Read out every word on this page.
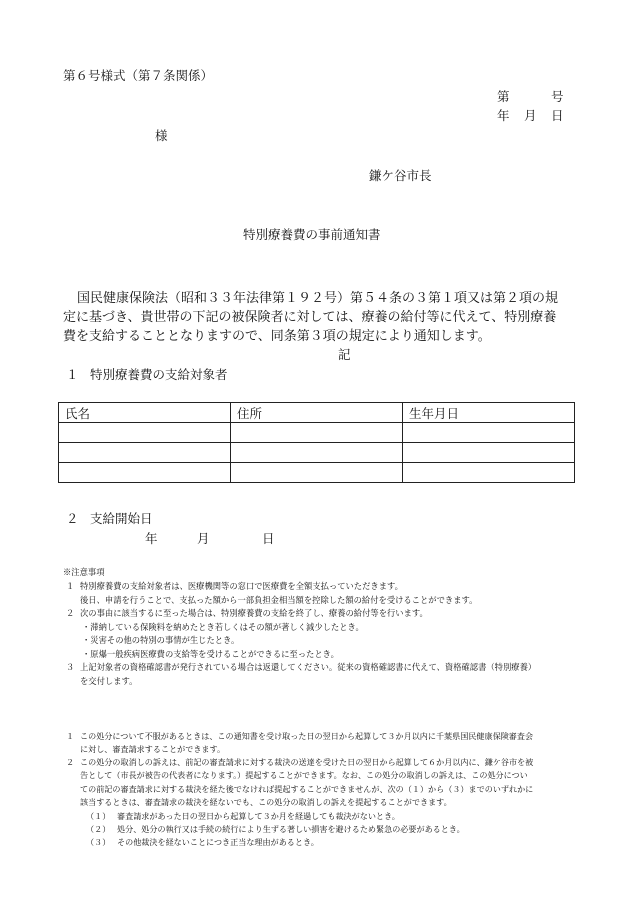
第６号様式（第７条関係）
第	号
年 月 日
様
鎌ケ谷市長
特別療養費の事前通知書
国民健康保険法（昭和３３年法律第１９２号）第５４条の３第１項又は第２項の規
定に基づき、貴世帯の下記の被保険者に対しては、療養の給付等に代えて、特別療養
費を支給することとなりますので、同条第３項の規定により通知します。
記
１ 特別療養費の支給対象者
氏名	住所	生年月日

２ 支給開始日
年	月	日
※注意事項
１ 特別療養費の支給対象者は、医療機関等の窓口で医療費を全額支払っていただきます。
後日、申請を行うことで、支払った額から一部負担金相当額を控除した額の給付を受けることができます。
２ 次の事由に該当するに至った場合は、特別療養費の支給を終了し、療養の給付等を行います。
・滞納している保険料を納めたとき若しくはその額が著しく減少したとき。
・災害その他の特別の事情が生じたとき。
・原爆一般疾病医療費の支給等を受けることができるに至ったとき。
３ 上記対象者の資格確認書が発行されている場合は返還してください。従来の資格確認書に代えて、資格確認書（特別療養）
を交付します。
１ この処分について不服があるときは、この通知書を受け取った日の翌日から起算して３か月以内に千葉県国民健康保険審査会
に対し、審査請求することができます。
２ この処分の取消しの訴えは、前記の審査請求に対する裁決の送達を受けた日の翌日から起算して６か月以内に、鎌ケ谷市を被
告として（市長が被告の代表者になります。）提起することができます。なお、この処分の取消しの訴えは、この処分につい
ての前記の審査請求に対する裁決を経た後でなければ提起することができませんが、次の（１）から（３）までのいずれかに
該当するときは、審査請求の裁決を経ないでも、この処分の取消しの訴えを提起することができます。
（１） 審査請求があった日の翌日から起算して３か月を経過しても裁決がないとき。
（２） 処分、処分の執行又は手続の続行により生ずる著しい損害を避けるため緊急の必要があるとき。
（３） その他裁決を経ないことにつき正当な理由があるとき。
